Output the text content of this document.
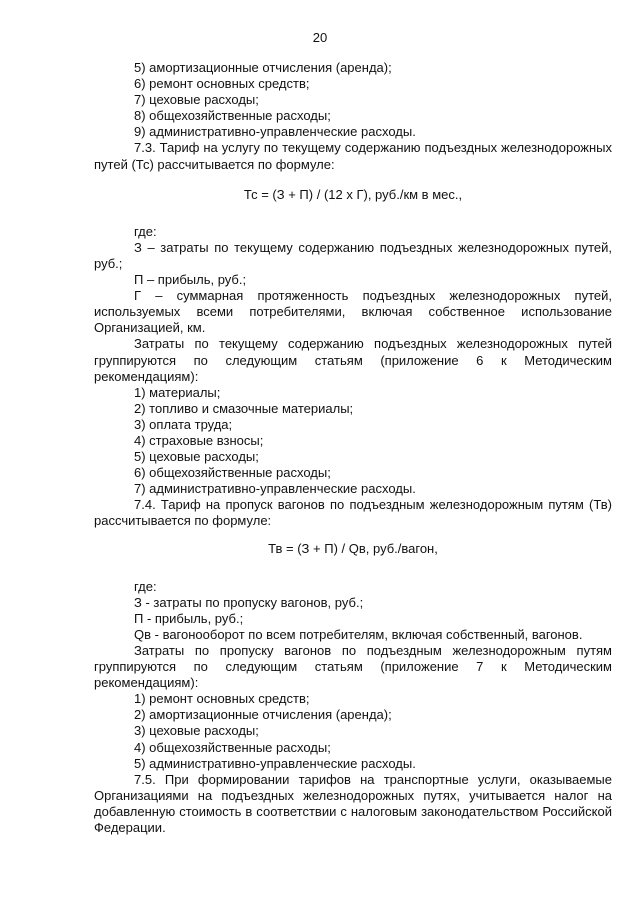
20

5) амортизационные отчисления (аренда);

6) ремонт основных средств;

7) цеховые расходы;

8) общехозяйственные расходы;

9) административно-управленческие расходы.

7.3. Тариф на услугу по текущему содержанию подъездных железнодорожных путей (Тс) рассчитывается по формуле:

Тс = (З + П) / (12 х Г), руб./км в мес.,

где:

З – затраты по текущему содержанию подъездных железнодорожных путей, руб.;

П – прибыль, руб.;

Г – суммарная протяженность подъездных железнодорожных путей, используемых всеми потребителями, включая собственное использование Организацией, км.

Затраты по текущему содержанию подъездных железнодорожных путей группируются по следующим статьям (приложение 6 к Методическим рекомендациям):

1) материалы;

2) топливо и смазочные материалы;

3) оплата труда;

4) страховые взносы;

5) цеховые расходы;

6) общехозяйственные расходы;

7) административно-управленческие расходы.

7.4. Тариф на пропуск вагонов по подъездным железнодорожным путям (Тв) рассчитывается по формуле:

Тв = (З + П) / Qв, руб./вагон,

где:

З - затраты по пропуску вагонов, руб.;

П - прибыль, руб.;

Qв - вагонооборот по всем потребителям, включая собственный, вагонов.

Затраты по пропуску вагонов по подъездным железнодорожным путям группируются по следующим статьям (приложение 7 к Методическим рекомендациям):

1) ремонт основных средств;

2) амортизационные отчисления (аренда);

3) цеховые расходы;

4) общехозяйственные расходы;

5) административно-управленческие расходы.

7.5. При формировании тарифов на транспортные услуги, оказываемые Организациями на подъездных железнодорожных путях, учитывается налог на добавленную стоимость в соответствии с налоговым законодательством Российской Федерации.
